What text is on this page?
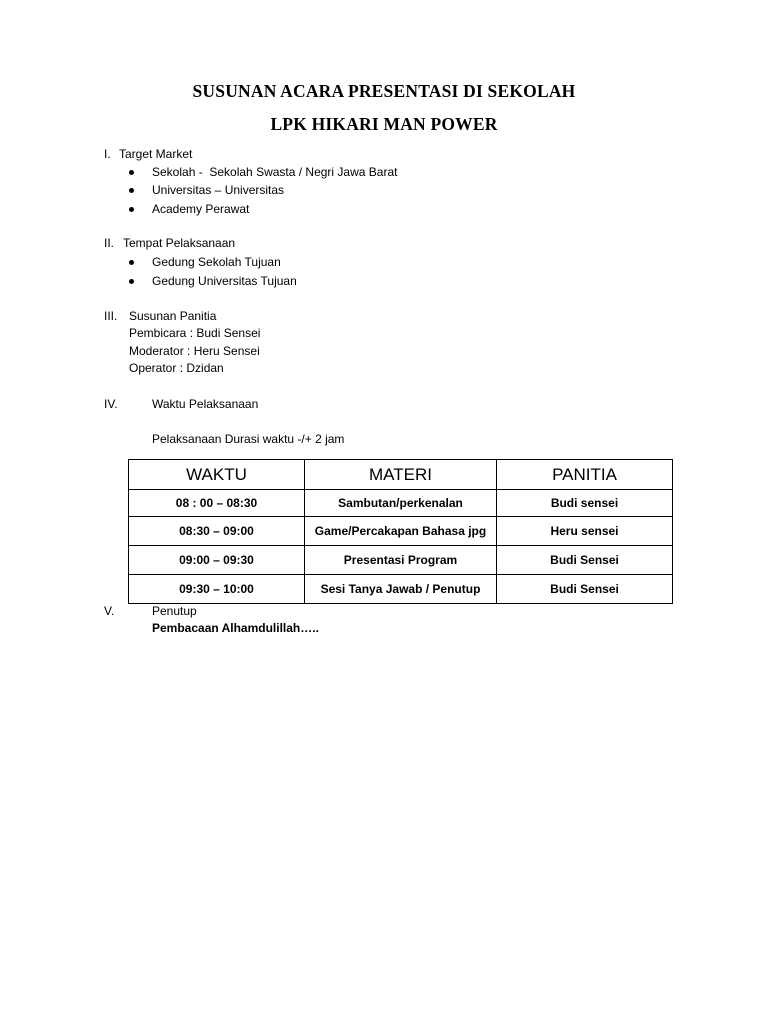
SUSUNAN ACARA PRESENTASI DI SEKOLAH
LPK HIKARI MAN POWER
I. Target Market
Sekolah -  Sekolah Swasta / Negri Jawa Barat
Universitas – Universitas
Academy Perawat
II. Tempat Pelaksanaan
Gedung Sekolah Tujuan
Gedung Universitas Tujuan
III. Susunan Panitia
Pembicara : Budi Sensei
Moderator : Heru Sensei
Operator : Dzidan
IV.	Waktu Pelaksanaan
Pelaksanaan Durasi waktu -/+ 2 jam
WAKTU	MATERI	PANITIA
08 : 00 – 08:30	Sambutan/perkenalan	Budi sensei
08:30 – 09:00	Game/Percakapan Bahasa jpg	Heru sensei
09:00 – 09:30	Presentasi Program	Budi Sensei
09:30 – 10:00	Sesi Tanya Jawab / Penutup	Budi Sensei
V.	Penutup
Pembacaan Alhamdulillah…..
